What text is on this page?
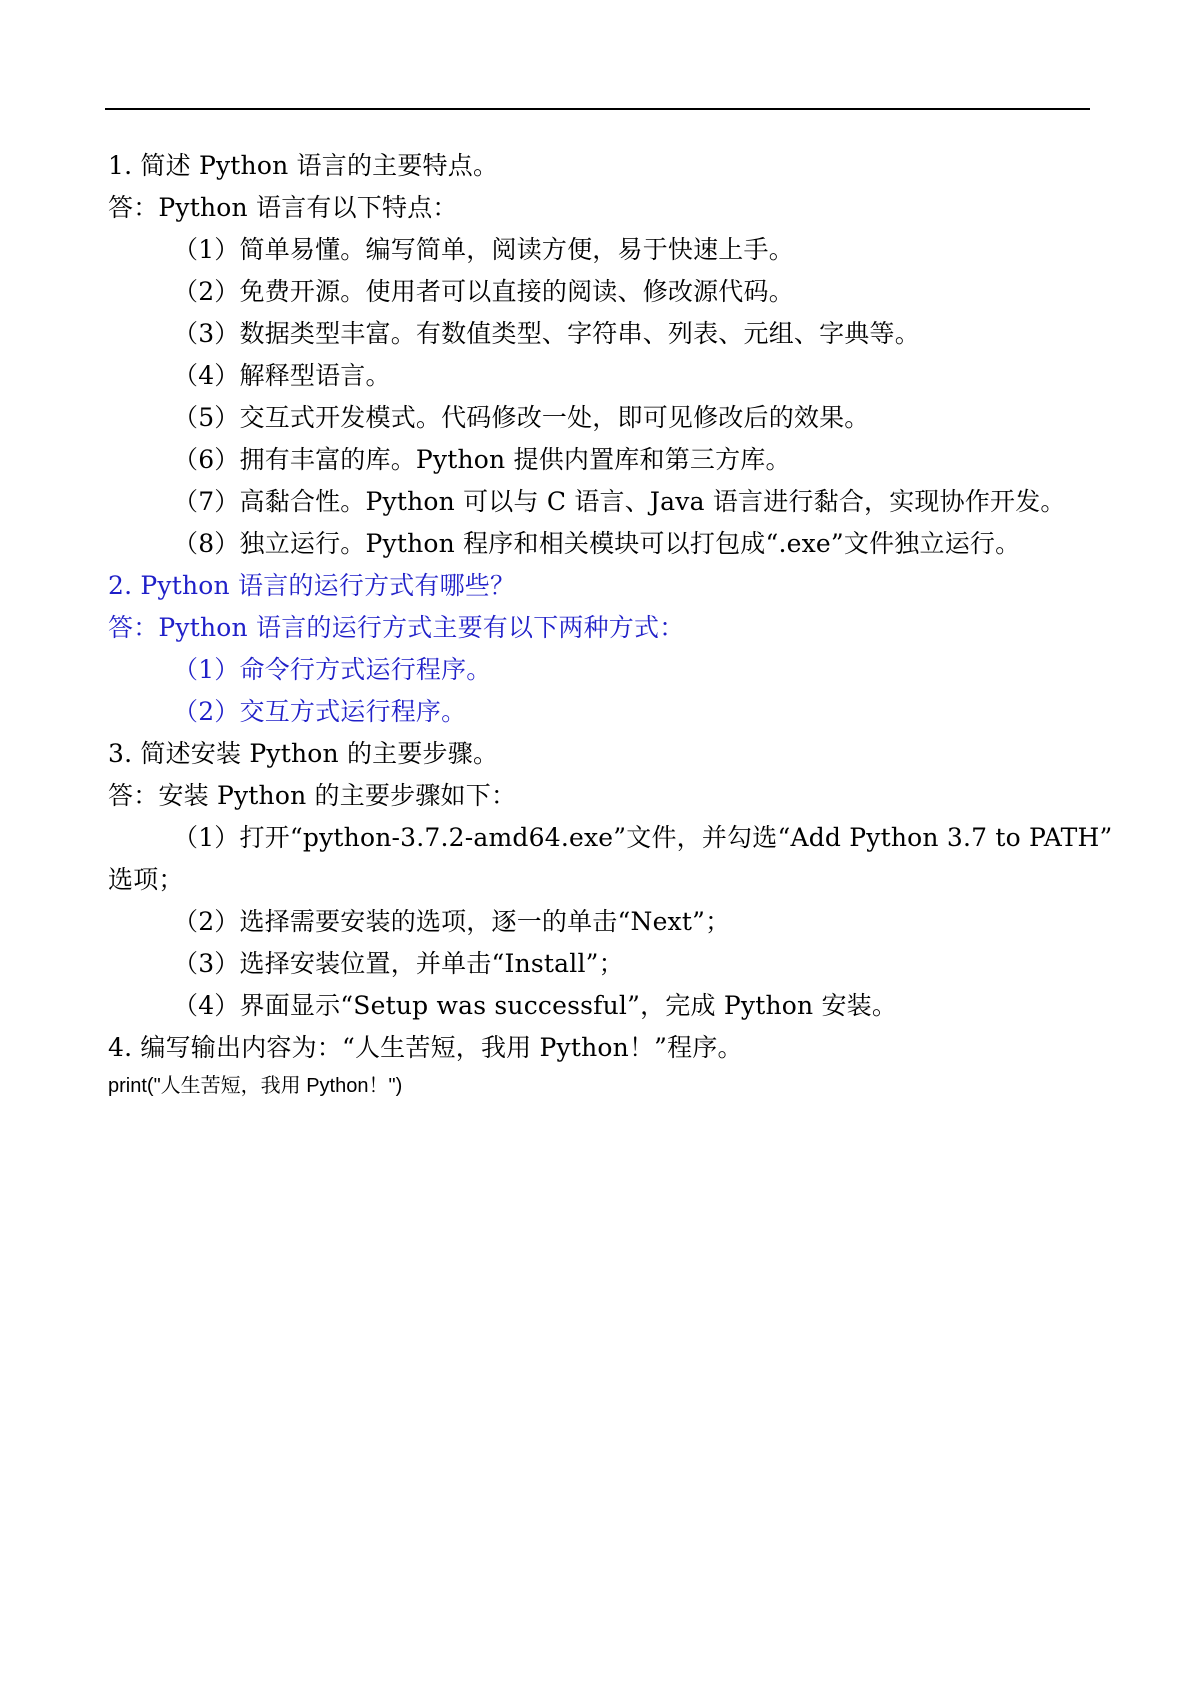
1. 简述 Python 语言的主要特点。
答：Python 语言有以下特点：
（1）简单易懂。编写简单，阅读方便，易于快速上手。
（2）免费开源。使用者可以直接的阅读、修改源代码。
（3）数据类型丰富。有数值类型、字符串、列表、元组、字典等。
（4）解释型语言。
（5）交互式开发模式。代码修改一处，即可见修改后的效果。
（6）拥有丰富的库。Python 提供内置库和第三方库。
（7）高黏合性。Python 可以与 C 语言、Java 语言进行黏合，实现协作开发。
（8）独立运行。Python 程序和相关模块可以打包成“.exe”文件独立运行。
2. Python 语言的运行方式有哪些？
答：Python 语言的运行方式主要有以下两种方式：
（1）命令行方式运行程序。
（2）交互方式运行程序。
3. 简述安装 Python 的主要步骤。
答：安装 Python 的主要步骤如下：
（1）打开“python-3.7.2-amd64.exe”文件，并勾选“Add Python 3.7 to PATH”
选项；
（2）选择需要安装的选项，逐一的单击“Next”；
（3）选择安装位置，并单击“Install”；
（4）界面显示“Setup was successful”，完成 Python 安装。
4. 编写输出内容为：“人生苦短，我用 Python！”程序。
print("人生苦短，我用 Python！")
